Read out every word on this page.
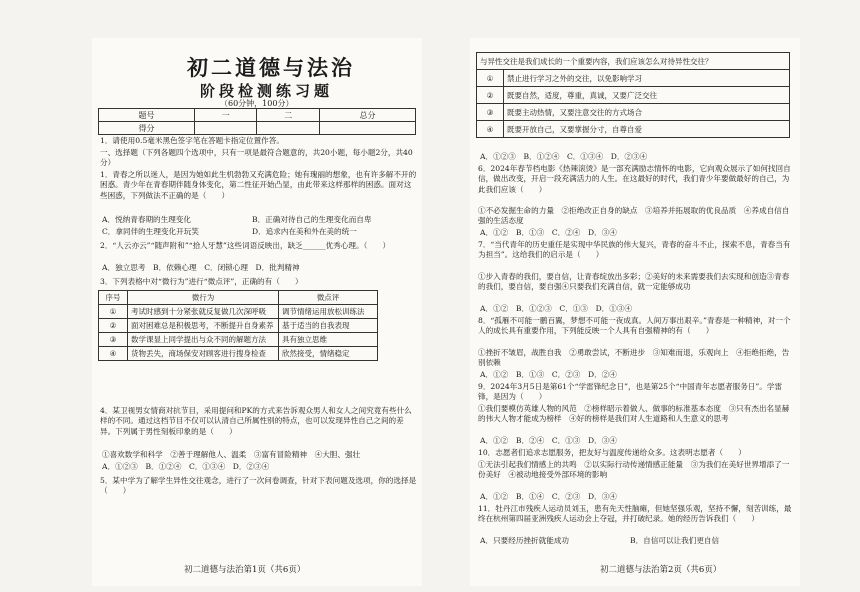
初二道德与法治
阶段检测练习题
（60分钟，100分）
题号	一	二	总分
得分			

1．请使用0.5毫米黑色签字笔在答题卡指定位置作答。

一、选择题（下列各题四个选项中，只有一项是最符合题意的，共20小题，每小题2分，共40分）

1．青春之所以迷人，是因为她如此生机勃勃又充满危险；她有瑰丽的想象，也有许多解不开的困惑。青少年在青春期伴随身体变化，第二性征开始凸显，由此带来这样那样的困惑。面对这些困惑，下列做法不正确的是（　　）

A．悦纳青春期的生理变化	B．正确对待自己的生理变化而自卑

C．拿同伴的生理变化开玩笑	D．追求内在美和外在美的统一

2．“人云亦云”“随声附和”“拾人牙慧”这些词语反映出，缺乏______优秀心理。（　　）

A．独立思考　B．依赖心理　C．闭锁心理　D．批判精神

3．下列表格中对“微行为”进行“微点评”，正确的有（　　）

序号	微行为	微点评
①	考试时感到十分紧张就反复做几次深呼吸	调节情绪运用放松训练法
②	面对困难总是积极思考，不断提升自身素养	基于适当的自我表现
③	数学课显上同学提出与众不同的解题方法	具有独立思维
④	货物丢失，商场保安对顾客进行搜身检查	欣然接受，情绪稳定

4．某卫视男女情商对抗节目，采用提问和PK的方式来告诉观众男人和女人之间究竟有些什么样的不同。通过这档节目不仅可以认清自己所属性别的特点，也可以发现异性自己之间的差异。下列属于男性刻板印象的是（　　）

①喜欢数学和科学　②善于理解他人、温柔　③富有冒险精神　④大胆、强壮

A．①②③　B．①②④　C．①③④　D．②③④

5．某中学为了解学生异性交往观念，进行了一次问卷调查，针对下表问题及选项，你的选择是（　　）

初二道德与法治第1页（共6页）
与异性交往是我们成长的一个重要内容，我们应该怎么对待异性交往？	
①	禁止进行学习之外的交往，以免影响学习
②	既要自然，适度，尊重，真诚，又要广泛交往
③	既要主动热情，又要注意交往的方式场合
④	既要开放自己，又要掌握分寸，自尊自爱

A．①②③　B．①②④　C．①③④　D．②③④

6．2024年春节档电影《热辣滚烫》是一部充满励志情怀的电影，它向观众展示了如何找回自信，做出改变，开启一段充满活力的人生。在这最好的时代，我们青少年要做最好的自己，为此我们应该（　　）

①不必发掘生命的力量　②拒绝改正自身的缺点　③培养并拓展取的优良品质　④养成自信自强的生活态度

A．①②　B．①③　C．②④　D．③④

7．“当代青年的历史重任是实现中华民族的伟大复兴，青春的奋斗不止，探索不息，青春当有为担当”。这给我们的启示是（　　）

①步入青春的我们，要自信，让青春绽放出多彩；②美好的未来需要我们去实现和创造③青春的我们，要自信，要自强④只要我们充满自信，就一定能够成功

A．①②　B．①②③　C．①③　D．①③④

8．“孤雁不可能一鹏百翼，梦想不可能一夜成真。人间万事出艰辛。”青春是一种精神，对一个人的成长具有重要作用，下列能反映一个人具有自强精神的有（　　）

①挫折不皱眉，战胜自我　②勇敢尝试，不断进步　③知难而退，乐观向上　④拒绝拒绝，告别依赖

A．①②　B．①③　C．②③　D．②④

9．2024年3月5日是第61个“学雷锋纪念日”，也是第25个“中国青年志愿者服务日”。学雷锋，是因为（　　）

①我们要模仿英雄人物的风范　②榜样昭示着做人、做事的标准基本态度　③只有杰出名显赫的伟大人物才能成为榜样　④好的榜样是我们对人生道路和人生意义的思考

A．①②　B．②④　C．①③　D．③④

10．志愿者们追求志愿服务，把友好与温度传递给众多。这表明志愿者（　　）

①无法引起我们情感上的共鸣　②以实际行动传递情感正能量　③为我们在美好世界增添了一份美好　④被动地接受外部环境的影响

A．①②　B．①④　C．②③　D．③④

11．牡丹江市残疾人运动员刘玉，患有先天性脑瘫，但她坚强乐观，坚持不懈，刻苦训练，最终在杭州第四届亚洲残疾人运动会上夺冠，并打破纪录。她的经历告诉我们（　　）

A．只要经历挫折就能成功	B．自信可以让我们更自信

初二道德与法治第2页（共6页）
